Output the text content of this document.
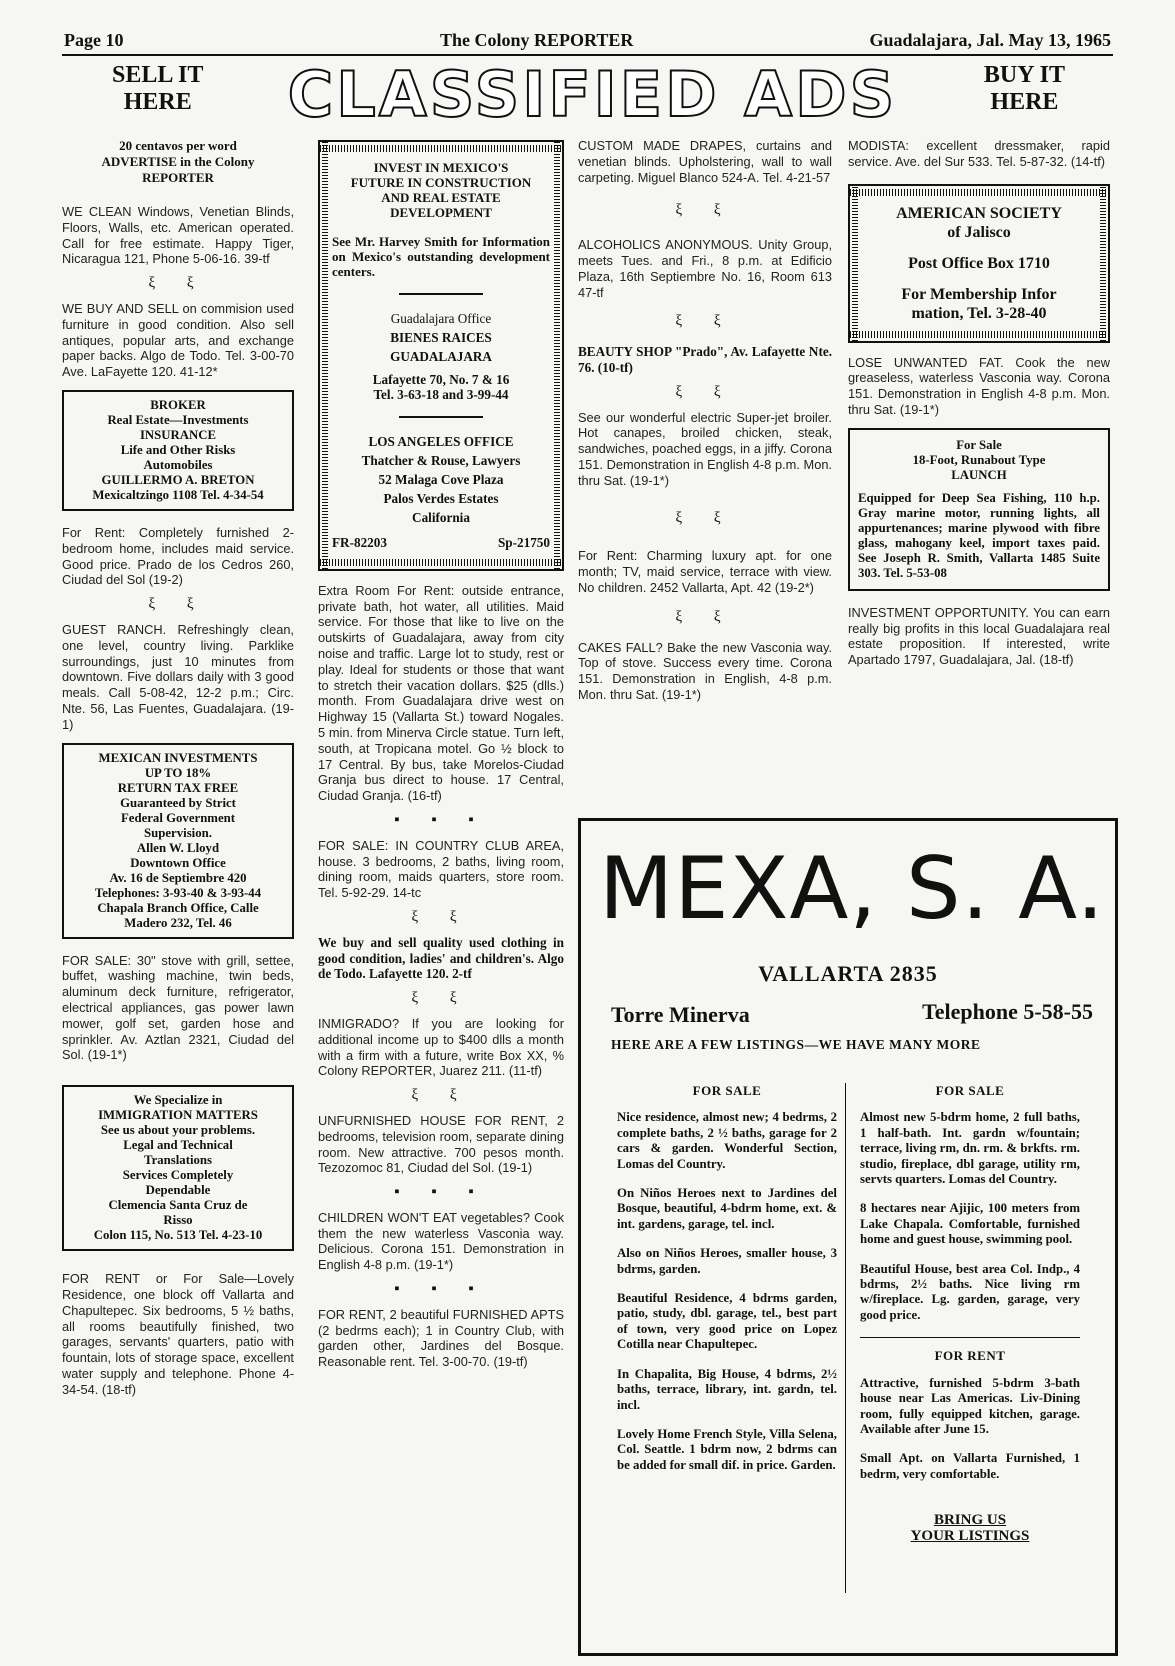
Page 10	The Colony REPORTER	Guadalajara, Jal. May 13, 1965
SELL IT
HERE CLASSIFIED ADS	BUY IT
HERE
20 centavos per word
ADVERTISE in the Colony
REPORTER

WE CLEAN Windows, Venetian Blinds, Floors, Walls, etc. American operated. Call for free estimate. Happy Tiger, Nicaragua 121, Phone 5-06-16. 39-tf

ξ ξ

WE BUY AND SELL on commision used furniture in good condition. Also sell antiques, popular arts, and exchange paper backs. Algo de Todo. Tel. 3-00-70 Ave. LaFayette 120. 41-12*

BROKER
Real Estate—Investments
INSURANCE
Life and Other Risks
Automobiles
GUILLERMO A. BRETON
Mexicaltzingo 1108 Tel. 4-34-54

For Rent: Completely furnished 2-bedroom home, includes maid service. Good price. Prado de los Cedros 260, Ciudad del Sol (19-2)

ξ ξ

GUEST RANCH. Refreshingly clean, one level, country living. Parklike surroundings, just 10 minutes from downtown. Five dollars daily with 3 good meals. Call 5-08-42, 12-2 p.m.; Circ. Nte. 56, Las Fuentes, Guadalajara. (19-1)

MEXICAN INVESTMENTS
UP TO 18%
RETURN TAX FREE
Guaranteed by Strict
Federal Government
Supervision.
Allen W. Lloyd
Downtown Office
Av. 16 de Septiembre 420
Telephones: 3-93-40 & 3-93-44
Chapala Branch Office, Calle
Madero 232, Tel. 46

FOR SALE: 30" stove with grill, settee, buffet, washing machine, twin beds, aluminum deck furniture, refrigerator, electrical appliances, gas power lawn mower, golf set, garden hose and sprinkler. Av. Aztlan 2321, Ciudad del Sol. (19-1*)

We Specialize in
IMMIGRATION MATTERS
See us about your problems.
Legal and Technical
Translations
Services Completely
Dependable
Clemencia Santa Cruz de
Risso
Colon 115, No. 513 Tel. 4-23-10

FOR RENT or For Sale—Lovely Residence, one block off Vallarta and Chapultepec. Six bedrooms, 5 ½ baths, all rooms beautifully finished, two garages, servants' quarters, patio with fountain, lots of storage space, excellent water supply and telephone. Phone 4-34-54. (18-tf)

INVEST IN MEXICO'S
FUTURE IN CONSTRUCTION
AND REAL ESTATE
DEVELOPMENT

See Mr. Harvey Smith for Information on Mexico's outstanding development centers.

Guadalajara Office
BIENES RAICES
GUADALAJARA
Lafayette 70, No. 7 & 16
Tel. 3-63-18 and 3-99-44
LOS ANGELES OFFICE
Thatcher & Rouse, Lawyers
52 Malaga Cove Plaza
Palos Verdes Estates
California
FR-82203	Sp-21750

Extra Room For Rent: outside entrance, private bath, hot water, all utilities. Maid service. For those that like to live on the outskirts of Guadalajara, away from city noise and traffic. Large lot to study, rest or play. Ideal for students or those that want to stretch their vacation dollars. $25 (dlls.) month. From Guadalajara drive west on Highway 15 (Vallarta St.) toward Nogales. 5 min. from Minerva Circle statue. Turn left, south, at Tropicana motel. Go ½ block to 17 Central. By bus, take Morelos-Ciudad Granja bus direct to house. 17 Central, Ciudad Granja. (16-tf)

▪ ▪ ▪

FOR SALE: IN COUNTRY CLUB AREA, house. 3 bedrooms, 2 baths, living room, dining room, maids quarters, store room. Tel. 5-92-29. 14-tc

ξ ξ

We buy and sell quality used clothing in good condition, ladies' and children's. Algo de Todo. Lafayette 120. 2-tf

ξ ξ

INMIGRADO? If you are looking for additional income up to $400 dlls a month with a firm with a future, write Box XX, % Colony REPORTER, Juarez 211. (11-tf)

ξ ξ

UNFURNISHED HOUSE FOR RENT, 2 bedrooms, television room, separate dining room. New attractive. 700 pesos month. Tezozomoc 81, Ciudad del Sol. (19-1)

▪ ▪ ▪

CHILDREN WON'T EAT vegetables? Cook them the new waterless Vasconia way. Delicious. Corona 151. Demonstration in English 4-8 p.m. (19-1*)

▪ ▪ ▪

FOR RENT, 2 beautiful FURNISHED APTS (2 bedrms each); 1 in Country Club, with garden other, Jardines del Bosque. Reasonable rent. Tel. 3-00-70. (19-tf)

CUSTOM MADE DRAPES, curtains and venetian blinds. Upholstering, wall to wall carpeting. Miguel Blanco 524-A. Tel. 4-21-57

ξ ξ

ALCOHOLICS ANONYMOUS. Unity Group, meets Tues. and Fri., 8 p.m. at Edificio Plaza, 16th Septiembre No. 16, Room 613 47-tf

ξ ξ

BEAUTY SHOP "Prado", Av. Lafayette Nte. 76. (10-tf)

ξ ξ

See our wonderful electric Super-jet broiler. Hot canapes, broiled chicken, steak, sandwiches, poached eggs, in a jiffy. Corona 151. Demonstration in English 4-8 p.m. Mon. thru Sat. (19-1*)

ξ ξ

For Rent: Charming luxury apt. for one month; TV, maid service, terrace with view. No children. 2452 Vallarta, Apt. 42 (19-2*)

ξ ξ

CAKES FALL? Bake the new Vasconia way. Top of stove. Success every time. Corona 151. Demonstration in English, 4-8 p.m. Mon. thru Sat. (19-1*)

MODISTA: excellent dressmaker, rapid service. Ave. del Sur 533. Tel. 5-87-32. (14-tf)

AMERICAN SOCIETY
of Jalisco
Post Office Box 1710
For Membership Infor
mation, Tel. 3-28-40

LOSE UNWANTED FAT. Cook the new greaseless, waterless Vasconia way. Corona 151. Demonstration in English 4-8 p.m. Mon. thru Sat. (19-1*)

For Sale
18-Foot, Runabout Type
LAUNCH

Equipped for Deep Sea Fishing, 110 h.p. Gray marine motor, running lights, all appurtenances; marine plywood with fibre glass, mahogany keel, import taxes paid. See Joseph R. Smith, Vallarta 1485 Suite 303. Tel. 5-53-08

INVESTMENT OPPORTUNITY. You can earn really big profits in this local Guadalajara real estate proposition. If interested, write Apartado 1797, Guadalajara, Jal. (18-tf)

MEXA, S. A.
VALLARTA 2835
Torre Minerva	Telephone 5-58-55
HERE ARE A FEW LISTINGS—WE HAVE MANY MORE
FOR SALE

Nice residence, almost new; 4 bedrms, 2 complete baths, 2 ½ baths, garage for 2 cars & garden. Wonderful Section, Lomas del Country.

On Niños Heroes next to Jardines del Bosque, beautiful, 4-bdrm home, ext. & int. gardens, garage, tel. incl.

Also on Niños Heroes, smaller house, 3 bdrms, garden.

Beautiful Residence, 4 bdrms garden, patio, study, dbl. garage, tel., best part of town, very good price on Lopez Cotilla near Chapultepec.

In Chapalita, Big House, 4 bdrms, 2½ baths, terrace, library, int. gardn, tel. incl.

Lovely Home French Style, Villa Selena, Col. Seattle. 1 bdrm now, 2 bdrms can be added for small dif. in price. Garden.

FOR SALE

Almost new 5-bdrm home, 2 full baths, 1 half-bath. Int. gardn w/fountain; terrace, living rm, dn. rm. & brkfts. rm. studio, fireplace, dbl garage, utility rm, servts quarters. Lomas del Country.

8 hectares near Ajijic, 100 meters from Lake Chapala. Comfortable, furnished home and guest house, swimming pool.

Beautiful House, best area Col. Indp., 4 bdrms, 2½ baths. Nice living rm w/fireplace. Lg. garden, garage, very good price.

FOR RENT

Attractive, furnished 5-bdrm 3-bath house near Las Americas. Liv-Dining room, fully equipped kitchen, garage. Available after June 15.

Small Apt. on Vallarta Furnished, 1 bedrm, very comfortable.

BRING US
YOUR LISTINGS
